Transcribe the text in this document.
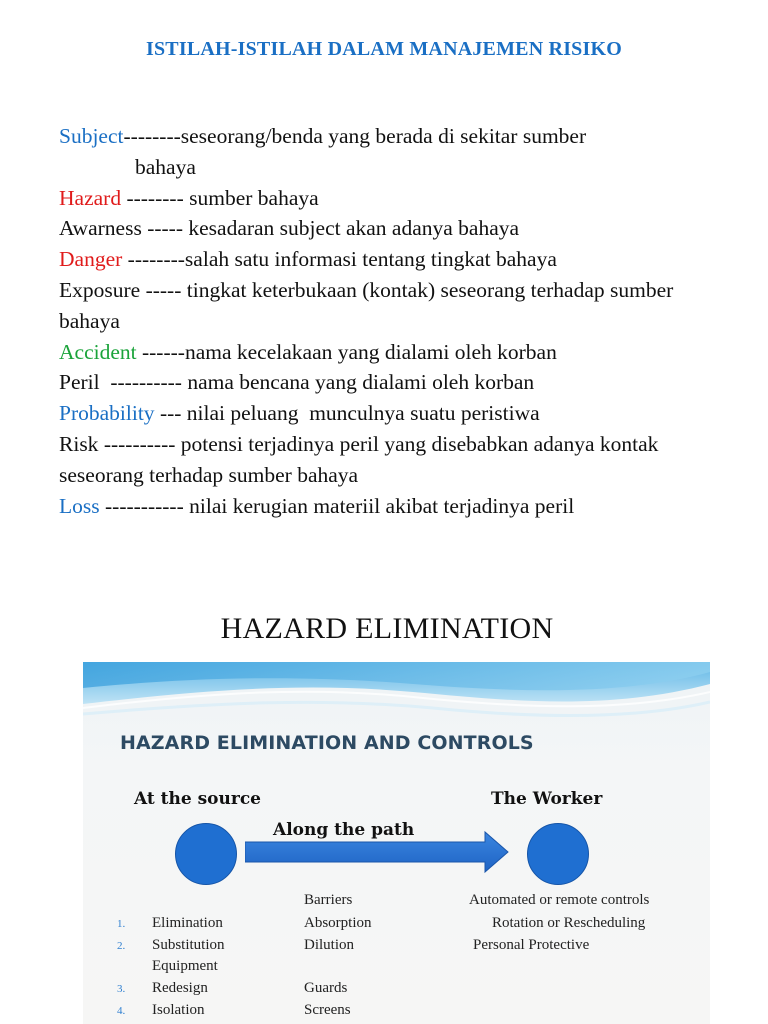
ISTILAH-ISTILAH DALAM MANAJEMEN RISIKO
Subject--------seseorang/benda yang berada di sekitar sumber
bahaya
Hazard -------- sumber bahaya
Awarness ----- kesadaran subject akan adanya bahaya
Danger --------salah satu informasi tentang tingkat bahaya
Exposure ----- tingkat keterbukaan (kontak) seseorang terhadap sumber bahaya
Accident ------nama kecelakaan yang dialami oleh korban
Peril  ---------- nama bencana yang dialami oleh korban
Probability --- nilai peluang  munculnya suatu peristiwa
Risk ---------- potensi terjadinya peril yang disebabkan adanya kontak seseorang terhadap sumber bahaya
Loss ----------- nilai kerugian materiil akibat terjadinya peril
HAZARD ELIMINATION
HAZARD ELIMINATION AND CONTROLS
At the source	The Worker
Along the path
1. Elimination
2. Substitution
Equipment
3. Redesign
4. Isolation
Barriers
Absorption
Dilution
Guards
Screens
Automated or remote controls
Rotation or Rescheduling
Personal Protective
